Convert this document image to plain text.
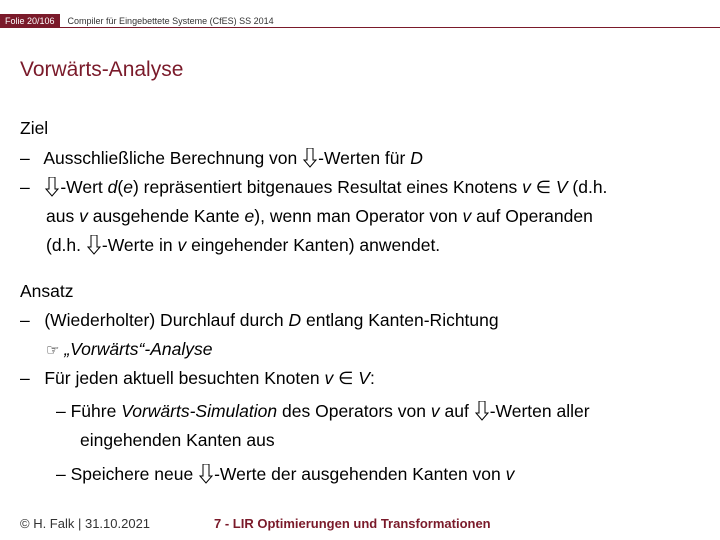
Folie 20/106	Compiler für Eingebettete Systeme (CfES) SS 2014
Vorwärts-Analyse
Ziel
– Ausschließliche Berechnung von -Werten für D
– -Wert d(e) repräsentiert bitgenaues Resultat eines Knotens v ∈ V (d.h.
aus v ausgehende Kante e), wenn man Operator von v auf Operanden
(d.h. -Werte in v eingehender Kanten) anwendet.
Ansatz
– (Wiederholter) Durchlauf durch D entlang Kanten-Richtung
☞ „Vorwärts“-Analyse
– Für jeden aktuell besuchten Knoten v ∈ V:
– Führe Vorwärts-Simulation des Operators von v auf -Werten aller
eingehenden Kanten aus
– Speichere neue -Werte der ausgehenden Kanten von v
© H. Falk | 31.10.2021	7 - LIR Optimierungen und Transformationen
